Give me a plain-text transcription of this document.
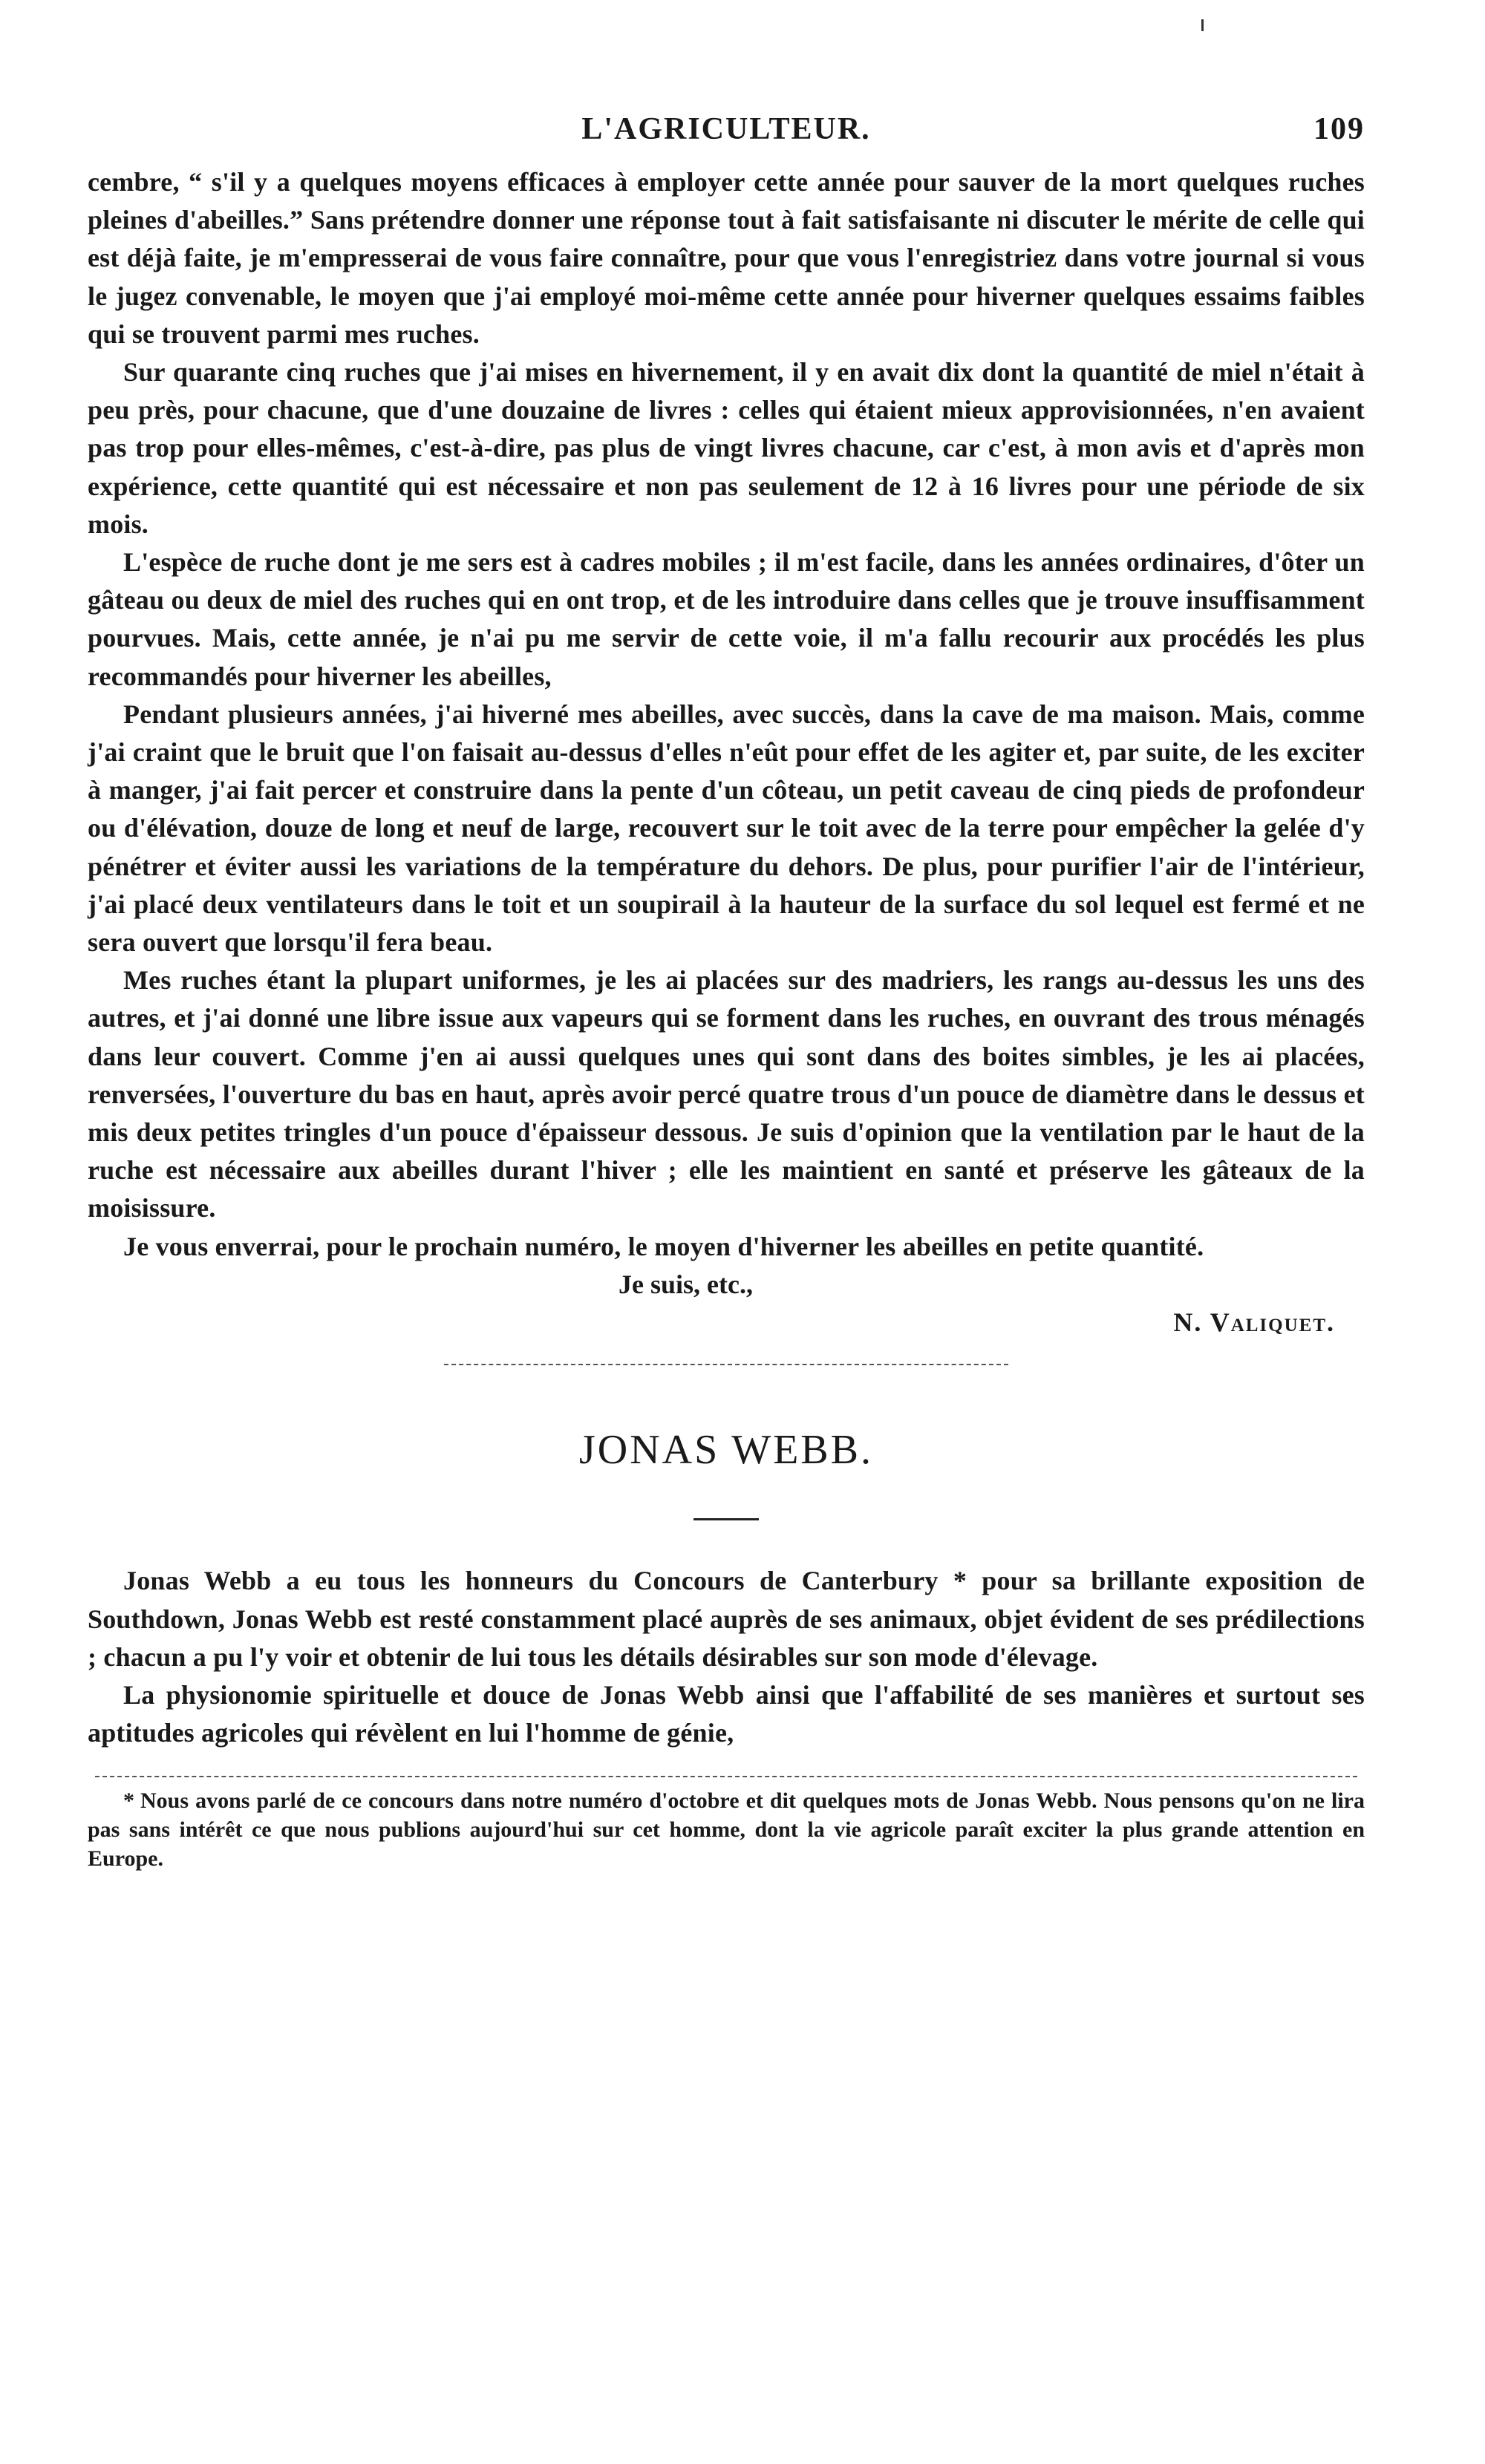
L'AGRICULTEUR.	109

cembre, “ s'il y a quelques moyens efficaces à employer cette année pour sauver de la mort quelques ruches pleines d'abeilles.” Sans prétendre donner une réponse tout à fait satisfaisante ni discuter le mérite de celle qui est déjà faite, je m'empresserai de vous faire connaître, pour que vous l'enregistriez dans votre journal si vous le jugez convenable, le moyen que j'ai employé moi-même cette année pour hiverner quelques essaims faibles qui se trouvent parmi mes ruches.

Sur quarante cinq ruches que j'ai mises en hivernement, il y en avait dix dont la quantité de miel n'était à peu près, pour chacune, que d'une douzaine de livres : celles qui étaient mieux approvisionnées, n'en avaient pas trop pour elles-mêmes, c'est-à-dire, pas plus de vingt livres chacune, car c'est, à mon avis et d'après mon expérience, cette quantité qui est nécessaire et non pas seulement de 12 à 16 livres pour une période de six mois.

L'espèce de ruche dont je me sers est à cadres mobiles ; il m'est facile, dans les années ordinaires, d'ôter un gâteau ou deux de miel des ruches qui en ont trop, et de les introduire dans celles que je trouve insuffisamment pourvues. Mais, cette année, je n'ai pu me servir de cette voie, il m'a fallu recourir aux procédés les plus recommandés pour hiverner les abeilles,

Pendant plusieurs années, j'ai hiverné mes abeilles, avec succès, dans la cave de ma maison. Mais, comme j'ai craint que le bruit que l'on faisait au-dessus d'elles n'eût pour effet de les agiter et, par suite, de les exciter à manger, j'ai fait percer et construire dans la pente d'un côteau, un petit caveau de cinq pieds de profondeur ou d'élévation, douze de long et neuf de large, recouvert sur le toit avec de la terre pour empêcher la gelée d'y pénétrer et éviter aussi les variations de la température du dehors. De plus, pour purifier l'air de l'intérieur, j'ai placé deux ventilateurs dans le toit et un soupirail à la hauteur de la surface du sol lequel est fermé et ne sera ouvert que lorsqu'il fera beau.

Mes ruches étant la plupart uniformes, je les ai placées sur des madriers, les rangs au-dessus les uns des autres, et j'ai donné une libre issue aux vapeurs qui se forment dans les ruches, en ouvrant des trous ménagés dans leur couvert. Comme j'en ai aussi quelques unes qui sont dans des boites simbles, je les ai placées, renversées, l'ouverture du bas en haut, après avoir percé quatre trous d'un pouce de diamètre dans le dessus et mis deux petites tringles d'un pouce d'épaisseur dessous. Je suis d'opinion que la ventilation par le haut de la ruche est nécessaire aux abeilles durant l'hiver ; elle les maintient en santé et préserve les gâteaux de la moisissure.

Je vous enverrai, pour le prochain numéro, le moyen d'hiverner les abeilles en petite quantité.

Je suis, etc.,
N. Valiquet.
JONAS WEBB.

Jonas Webb a eu tous les honneurs du Concours de Canterbury * pour sa brillante exposition de Southdown, Jonas Webb est resté constamment placé auprès de ses animaux, objet évident de ses prédilections ; chacun a pu l'y voir et obtenir de lui tous les détails désirables sur son mode d'élevage.

La physionomie spirituelle et douce de Jonas Webb ainsi que l'affabilité de ses manières et surtout ses aptitudes agricoles qui révèlent en lui l'homme de génie,

* Nous avons parlé de ce concours dans notre numéro d'octobre et dit quelques mots de Jonas Webb. Nous pensons qu'on ne lira pas sans intérêt ce que nous publions aujourd'hui sur cet homme, dont la vie agricole paraît exciter la plus grande attention en Europe.
